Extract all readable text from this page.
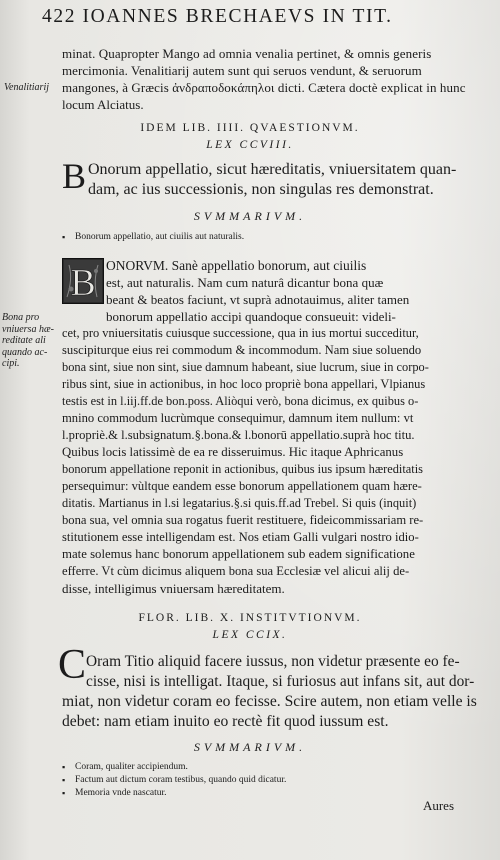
422 IOANNES BRECHAEVS IN TIT.
Venalitiarij
minat. Quapropter Mango ad omnia venalia pertinet, & omnis generis
mercimonia. Venalitiarij autem sunt qui seruos vendunt, & seruorum
mangones, à Græcis ἀνδραποδοκάπηλοι dicti. Cætera doctè explicat in hunc
locum Alciatus.
IDEM LIB. IIII. QVAESTIONVM.
LEX CCVIII.
B Onorum appellatio, sicut hæreditatis, vniuersitatem quan-
dam, ac ius successionis, non singulas res demonstrat.
SVMMARIVM.
▪ Bonorum appellatio, aut ciuilis aut naturalis.
B
Bona pro
vniuersa hæ-
reditate ali
quando ac-
cipi.
ONORVM. Sanè appellatio bonorum, aut ciuilis
est, aut naturalis. Nam cum naturâ dicantur bona quæ
beant & beatos faciunt, vt suprà adnotauimus, aliter tamen
bonorum appellatio accipi quandoque consueuit: videli-
cet, pro vniuersitatis cuiusque successione, qua in ius mortui succeditur,
suscipiturque eius rei commodum & incommodum. Nam siue soluendo
bona sint, siue non sint, siue damnum habeant, siue lucrum, siue in corpo-
ribus sint, siue in actionibus, in hoc loco propriè bona appellari, Vlpianus
testis est in l.iij.ff.de bon.poss. Aliòqui verò, bona dicimus, ex quibus o-
mnino commodum lucrùmque consequimur, damnum item nullum: vt
l.propriè.& l.subsignatum.§.bona.& l.bonorū appellatio.suprà hoc titu.
Quibus locis latissimè de ea re disseruimus. Hic itaque Aphricanus
bonorum appellatione reponit in actionibus, quibus ius ipsum hæreditatis
persequimur: vùltque eandem esse bonorum appellationem quam hære-
ditatis. Martianus in l.si legatarius.§.si quis.ff.ad Trebel. Si quis (inquit)
bona sua, vel omnia sua rogatus fuerit restituere, fideicommissariam re-
stitutionem esse intelligendam est. Nos etiam Galli vulgari nostro idio-
mate solemus hanc bonorum appellationem sub eadem significatione
efferre. Vt cùm dicimus aliquem bona sua Ecclesiæ vel alicui alij de-
disse, intelligimus vniuersam hæreditatem.
FLOR. LIB. X. INSTITVTIONVM.
LEX CCIX.
C Oram Titio aliquid facere iussus, non videtur præsente eo fe-
cisse, nisi is intelligat. Itaque, si furiosus aut infans sit, aut dor-
miat, non videtur coram eo fecisse. Scire autem, non etiam velle is
debet: nam etiam inuito eo rectè fit quod iussum est.
SVMMARIVM.
▪ Coram, qualiter accipiendum.
▪ Factum aut dictum coram testibus, quando quid dicatur.
▪ Memoria vnde nascatur.
Aures
